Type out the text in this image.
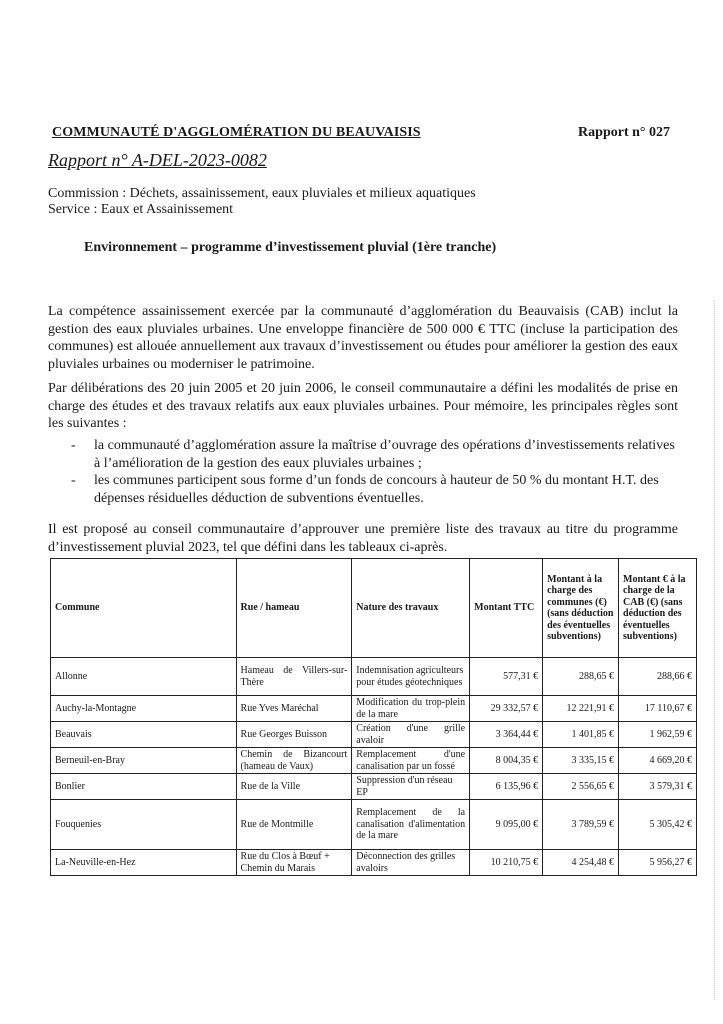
COMMUNAUTÉ D'AGGLOMÉRATION DU BEAUVAISIS	Rapport n° 027
Rapport n° A-DEL-2023-0082
Commission : Déchets, assainissement, eaux pluviales et milieux aquatiques
Service : Eaux et Assainissement
Environnement – programme d’investissement pluvial (1ère tranche)
La compétence assainissement exercée par la communauté d’agglomération du Beauvaisis (CAB) inclut la gestion des eaux pluviales urbaines. Une enveloppe financière de 500 000 € TTC (incluse la participation des communes) est allouée annuellement aux travaux d’investissement ou études pour améliorer la gestion des eaux pluviales urbaines ou moderniser le patrimoine.
Par délibérations des 20 juin 2005 et 20 juin 2006, le conseil communautaire a défini les modalités de prise en charge des études et des travaux relatifs aux eaux pluviales urbaines. Pour mémoire, les principales règles sont les suivantes :
- la communauté d’agglomération assure la maîtrise d’ouvrage des opérations d’investissements relatives à l’amélioration de la gestion des eaux pluviales urbaines ;
- les communes participent sous forme d’un fonds de concours à hauteur de 50 % du montant H.T. des dépenses résiduelles déduction de subventions éventuelles.
Il est proposé au conseil communautaire d’approuver une première liste des travaux au titre du programme d’investissement pluvial 2023, tel que défini dans les tableaux ci-après.
Commune	Rue / hameau	Nature des travaux	Montant TTC	Montant à la charge des communes (€) (sans déduction des éventuelles subventions)	Montant € à la charge de la CAB (€) (sans déduction des éventuelles subventions)
Allonne	Hameau de Villers-sur-Thère	Indemnisation agriculteurs pour études géotechniques	577,31 €	288,65 €	288,66 €
Auchy-la-Montagne	Rue Yves Maréchal	Modification du trop-plein de la mare	29 332,57 €	12 221,91 €	17 110,67 €
Beauvais	Rue Georges Buisson	Création d'une grille avaloir	3 364,44 €	1 401,85 €	1 962,59 €
Berneuil-en-Bray	Chemin de Bizancourt (hameau de Vaux)	Remplacement d'une canalisation par un fossé	8 004,35 €	3 335,15 €	4 669,20 €
Bonlier	Rue de la Ville	Suppression d'un réseau EP	6 135,96 €	2 556,65 €	3 579,31 €
Fouquenies	Rue de Montmille	Remplacement de la canalisation d'alimentation de la mare	9 095,00 €	3 789,59 €	5 305,42 €
La-Neuville-en-Hez	Rue du Clos à Bœuf + Chemin du Marais	Déconnection des grilles avaloirs	10 210,75 €	4 254,48 €	5 956,27 €
